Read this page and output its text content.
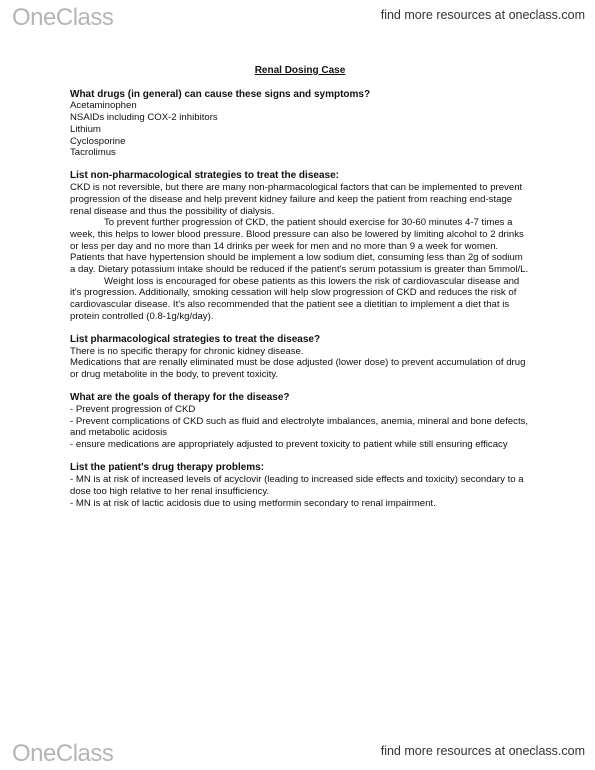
OneClass	find more resources at oneclass.com

Renal Dosing Case

What drugs (in general) can cause these signs and symptoms?

Acetaminophen

NSAIDs including COX-2 inhibitors

Lithium

Cyclosporine

Tacrolimus

List non-pharmacological strategies to treat the disease:

CKD is not reversible, but there are many non-pharmacological factors that can be implemented to prevent progression of the disease and help prevent kidney failure and keep the patient from reaching end-stage renal disease and thus the possibility of dialysis.

To prevent further progression of CKD, the patient should exercise for 30-60 minutes 4-7 times a week, this helps to lower blood pressure. Blood pressure can also be lowered by limiting alcohol to 2 drinks or less per day and no more than 14 drinks per week for men and no more than 9 a week for women. Patients that have hypertension should be implement a low sodium diet, consuming less than 2g of sodium a day. Dietary potassium intake should be reduced if the patient's serum potassium is greater than 5mmol/L.

Weight loss is encouraged for obese patients as this lowers the risk of cardiovascular disease and it's progression. Additionally, smoking cessation will help slow progression of CKD and reduces the risk of cardiovascular disease. It's also recommended that the patient see a dietitian to implement a diet that is protein controlled (0.8-1g/kg/day).

List pharmacological strategies to treat the disease?

There is no specific therapy for chronic kidney disease.

Medications that are renally eliminated must be dose adjusted (lower dose) to prevent accumulation of drug or drug metabolite in the body, to prevent toxicity.

What are the goals of therapy for the disease?

- Prevent progression of CKD

- Prevent complications of CKD such as fluid and electrolyte imbalances, anemia, mineral and bone defects, and metabolic acidosis

- ensure medications are appropriately adjusted to prevent toxicity to patient while still ensuring efficacy

List the patient's drug therapy problems:

- MN is at risk of increased levels of acyclovir (leading to increased side effects and toxicity) secondary to a dose too high relative to her renal insufficiency.

- MN is at risk of lactic acidosis due to using metformin secondary to renal impairment.

OneClass	find more resources at oneclass.com
